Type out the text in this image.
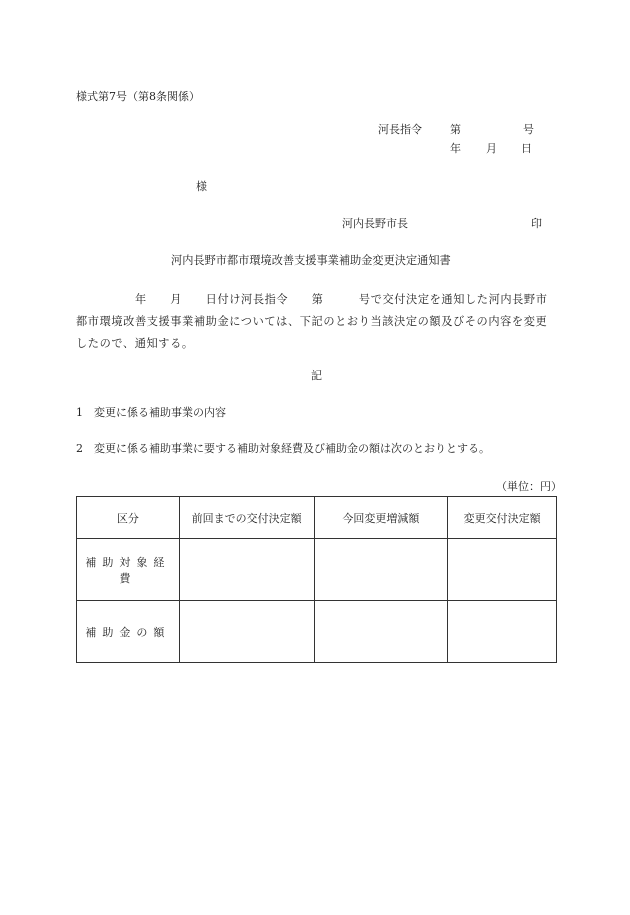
様式第7号（第8条関係）
河長指令	第	号
年 月 日
様
河内長野市長	印
河内長野市都市環境改善支援事業補助金変更決定通知書
　　　　　年　　月　　日付け河長指令　　第　　　号で交付決定を通知した河内長野市
都市環境改善支援事業補助金については、下記のとおり当該決定の額及びその内容を変更
したので、通知する。
記
1　変更に係る補助事業の内容
2　変更に係る補助事業に要する補助対象経費及び補助金の額は次のとおりとする。
（単位：円）
区分	前回までの交付決定額	今回変更増減額	変更交付決定額
補助対象経費			
補助金の額			
